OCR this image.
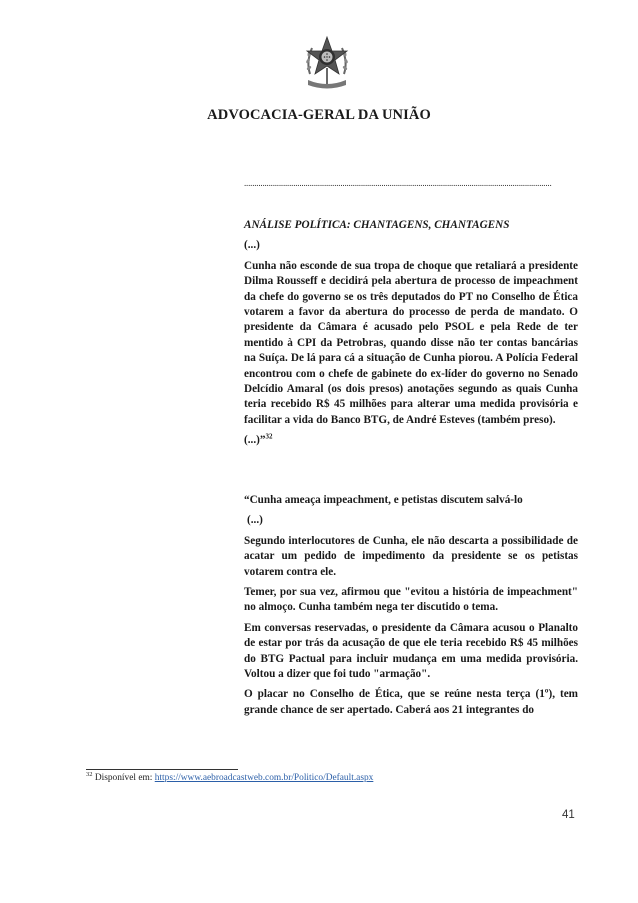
ADVOCACIA-GERAL DA UNIÃO
......................................................................................................................................................

ANÁLISE POLÍTICA: CHANTAGENS, CHANTAGENS

(...)

Cunha não esconde de sua tropa de choque que retaliará a presidente Dilma Rousseff e decidirá pela abertura de processo de impeachment da chefe do governo se os três deputados do PT no Conselho de Ética votarem a favor da abertura do processo de perda de mandato. O presidente da Câmara é acusado pelo PSOL e pela Rede de ter mentido à CPI da Petrobras, quando disse não ter contas bancárias na Suíça. De lá para cá a situação de Cunha piorou. A Polícia Federal encontrou com o chefe de gabinete do ex-líder do governo no Senado Delcídio Amaral (os dois presos) anotações segundo as quais Cunha teria recebido R$ 45 milhões para alterar uma medida provisória e facilitar a vida do Banco BTG, de André Esteves (também preso).

(...)”$^{32}$

“Cunha ameaça impeachment, e petistas discutem salvá-lo

(...)

Segundo interlocutores de Cunha, ele não descarta a possibilidade de acatar um pedido de impedimento da presidente se os petistas votarem contra ele.

Temer, por sua vez, afirmou que "evitou a história de impeachment" no almoço. Cunha também nega ter discutido o tema.

Em conversas reservadas, o presidente da Câmara acusou o Planalto de estar por trás da acusação de que ele teria recebido R$ 45 milhões do BTG Pactual para incluir mudança em uma medida provisória. Voltou a dizer que foi tudo "armação".

O placar no Conselho de Ética, que se reúne nesta terça (1º), tem grande chance de ser apertado. Caberá aos 21 integrantes do

$^{32}$ Disponível em: https://www.aebroadcastweb.com.br/Politico/Default.aspx
41
